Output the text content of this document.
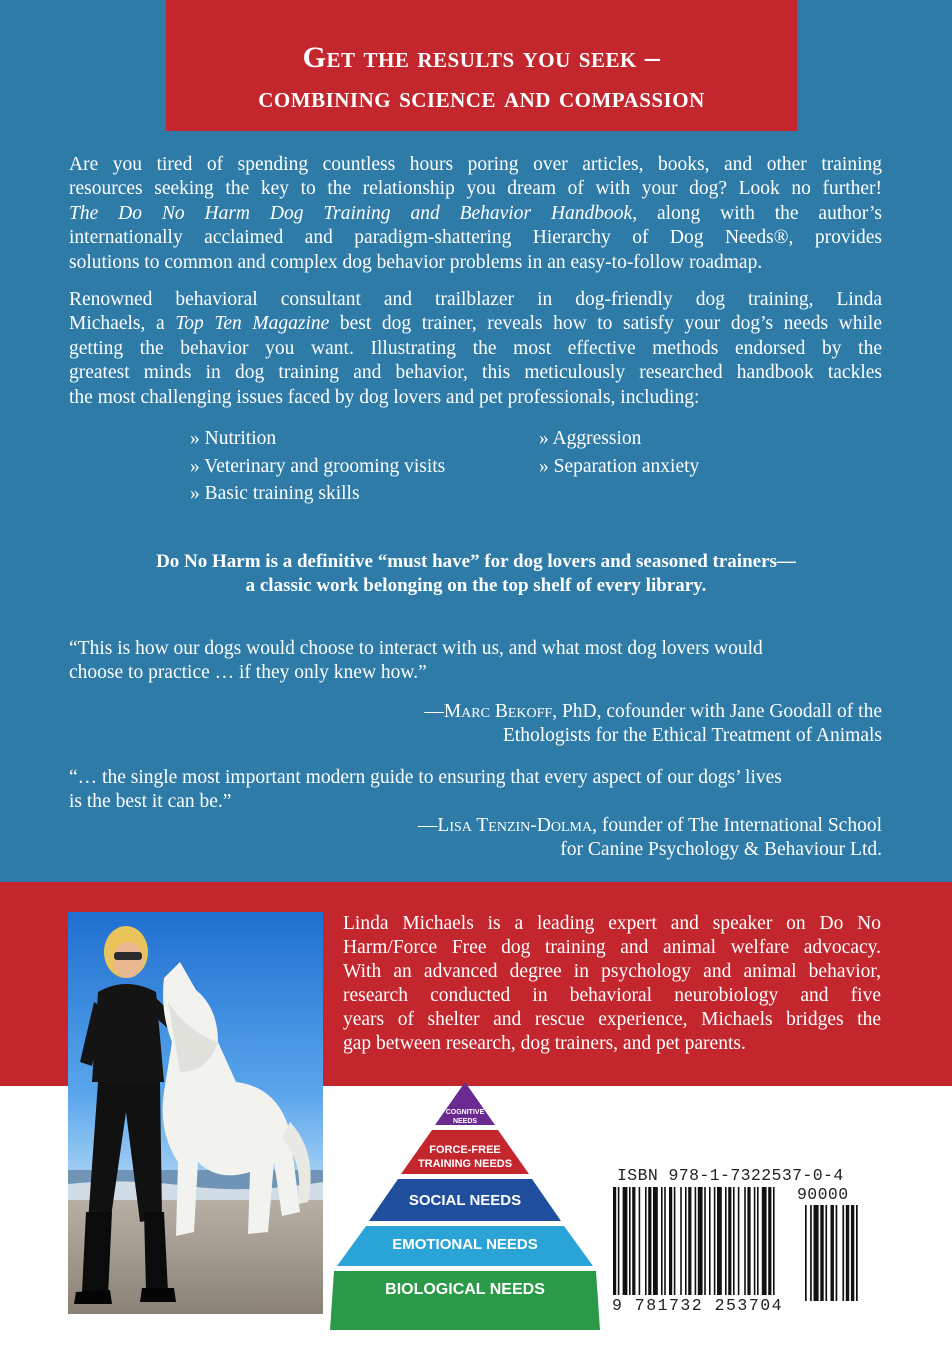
Get the results you seek –
combining science and compassion
Are you tired of spending countless hours poring over articles, books, and other training
resources seeking the key to the relationship you dream of with your dog? Look no further!
The Do No Harm Dog Training and Behavior Handbook, along with the author’s
internationally acclaimed and paradigm-shattering Hierarchy of Dog Needs®, provides
solutions to common and complex dog behavior problems in an easy-to-follow roadmap.
Renowned behavioral consultant and trailblazer in dog-friendly dog training, Linda
Michaels, a Top Ten Magazine best dog trainer, reveals how to satisfy your dog’s needs while
getting the behavior you want. Illustrating the most effective methods endorsed by the
greatest minds in dog training and behavior, this meticulously researched handbook tackles
the most challenging issues faced by dog lovers and pet professionals, including:
» Nutrition
» Veterinary and grooming visits
» Basic training skills
» Aggression
» Separation anxiety
Do No Harm is a definitive “must have” for dog lovers and seasoned trainers—
a classic work belonging on the top shelf of every library.
“This is how our dogs would choose to interact with us, and what most dog lovers would
choose to practice … if they only knew how.”
—Marc Bekoff, PhD, cofounder with Jane Goodall of the
Ethologists for the Ethical Treatment of Animals
“… the single most important modern guide to ensuring that every aspect of our dogs’ lives
is the best it can be.”
—Lisa Tenzin-Dolma, founder of The International School
for Canine Psychology & Behaviour Ltd.
Linda Michaels is a leading expert and speaker on Do No
Harm/Force Free dog training and animal welfare advocacy.
With an advanced degree in psychology and animal behavior,
research conducted in behavioral neurobiology and five
years of shelter and rescue experience, Michaels bridges the
gap between research, dog trainers, and pet parents.
COGNITIVE
NEEDS
FORCE-FREE
TRAINING NEEDS
SOCIAL NEEDS
EMOTIONAL NEEDS
BIOLOGICAL NEEDS
ISBN 978-1-7322537-0-4
90000
9 781732 253704
